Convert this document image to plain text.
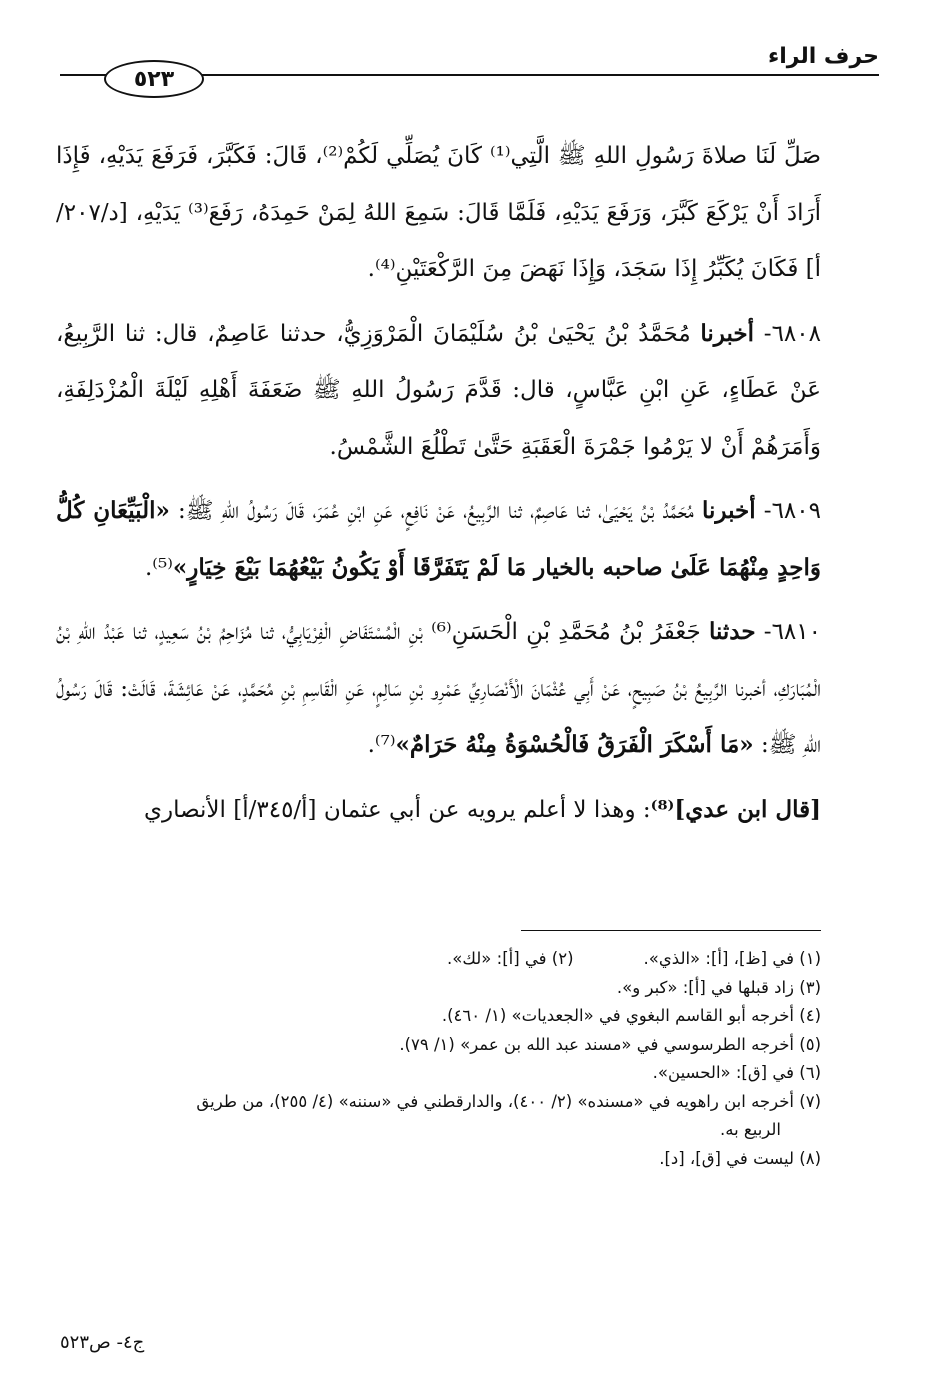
حرف الراء
٥٢٣

صَلِّ لَنَا صلاةَ رَسُولِ اللهِ ﷺ الَّتِي⁽¹⁾ كَانَ يُصَلِّي لَكُمْ⁽²⁾، قَالَ: فَكَبَّرَ، فَرَفَعَ يَدَيْهِ، فَإِذَا أَرَادَ أَنْ يَرْكَعَ كَبَّرَ، وَرَفَعَ يَدَيْهِ، فَلَمَّا قَالَ: سَمِعَ اللهُ لِمَنْ حَمِدَهُ، رَفَعَ⁽³⁾ يَدَيْهِ، [د/٢٠٧/أ] فَكَانَ يُكَبِّرُ إِذَا سَجَدَ، وَإِذَا نَهَضَ مِنَ الرَّكْعَتَيْنِ⁽⁴⁾.

٦٨٠٨- أخبرنا مُحَمَّدُ بْنُ يَحْيَىٰ بْنُ سُلَيْمَانَ الْمَرْوَزِيُّ، حدثنا عَاصِمٌ، قال: ثنا الرَّبِيعُ، عَنْ عَطَاءٍ، عَنِ ابْنِ عَبَّاسٍ، قال: قَدَّمَ رَسُولُ اللهِ ﷺ ضَعَفَةَ أَهْلِهِ لَيْلَةَ الْمُزْدَلِفَةِ، وَأَمَرَهُمْ أَنْ لا يَرْمُوا جَمْرَةَ الْعَقَبَةِ حَتَّىٰ تَطْلُعَ الشَّمْسُ.

٦٨٠٩- أخبرنا مُحَمَّدُ بْنُ يَحْيَىٰ، ثنا عَاصِمٌ، ثنا الرَّبِيعُ، عَنْ نَافِعٍ، عَنِ ابْنِ عُمَرَ، قَالَ رَسُولُ اللهِ ﷺ: «الْبَيِّعَانِ كُلُّ وَاحِدٍ مِنْهُمَا عَلَىٰ صاحبه بالخيار مَا لَمْ يَتَفَرَّقَا أَوْ يَكُونُ بَيْعُهُمَا بَيْعَ خِيَارٍ»⁽⁵⁾.

٦٨١٠- حدثنا جَعْفَرُ بْنُ مُحَمَّدِ بْنِ الْحَسَنِ⁽⁶⁾ بْنِ الْمُسْتَفَاضِ الْفِرْيَابِيُّ، ثنا مُزَاحِمُ بْنُ سَعِيدٍ، ثنا عَبْدُ اللهِ بْنُ الْمُبَارَكِ، أخبرنا الرَّبِيعُ بْنُ صَبِيحٍ، عَنْ أَبِي عُثْمَانَ الْأَنْصَارِيِّ عَمْرِو بْنِ سَالِمٍ، عَنِ الْقَاسِمِ بْنِ مُحَمَّدٍ، عَنْ عَائِشَةَ، قَالَتْ: قَالَ رَسُولُ اللهِ ﷺ: «مَا أَسْكَرَ الْفَرَقُ فَالْحُسْوَةُ مِنْهُ حَرَامٌ»⁽⁷⁾.

[قال ابن عدي]⁽⁸⁾: وهذا لا أعلم يرويه عن أبي عثمان [أ/٣٤٥/أ] الأنصاري

(١) في [ظ]، [أ]: «الذي».
(٢) في [أ]: «لك».
(٣) زاد قبلها في [أ]: «كبر و».
(٤) أخرجه أبو القاسم البغوي في «الجعديات» (١/ ٤٦٠).
(٥) أخرجه الطرسوسي في «مسند عبد الله بن عمر» (١/ ٧٩).
(٦) في [ق]: «الحسين».
(٧) أخرجه ابن راهويه في «مسنده» (٢/ ٤٠٠)، والدارقطني في «سننه» (٤/ ٢٥٥)، من طريق
الربيع به.
(٨) ليست في [ق]، [د].
ج٤- ص٥٢٣
